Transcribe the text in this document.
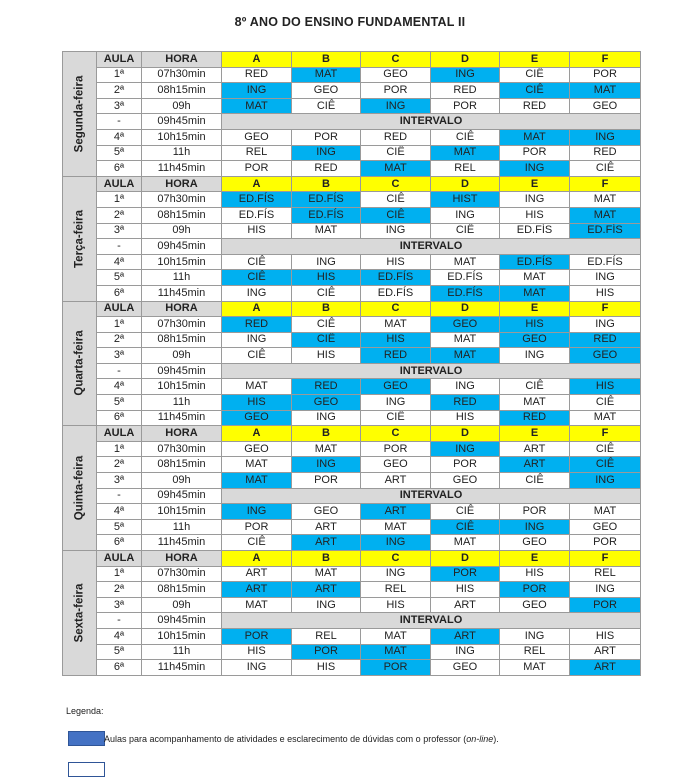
8º ANO DO ENSINO FUNDAMENTAL II
Segunda-feira	AULA	HORA	A	B	C	D	E	F
	1ª	07h30min	RED	MAT	GEO	ING	CIÊ	POR
	2ª	08h15min	ING	GEO	POR	RED	CIÊ	MAT
	3ª	09h	MAT	CIÊ	ING	POR	RED	GEO
	-	09h45min	INTERVALO					
	4ª	10h15min	GEO	POR	RED	CIÊ	MAT	ING
	5ª	11h	REL	ING	CIÊ	MAT	POR	RED
	6ª	11h45min	POR	RED	MAT	REL	ING	CIÊ

Terça-feira	AULA	HORA	A	B	C	D	E	F
	1ª	07h30min	ED.FÍS	ED.FÍS	CIÊ	HIST	ING	MAT
	2ª	08h15min	ED.FÍS	ED.FÍS	CIÊ	ING	HIS	MAT
	3ª	09h	HIS	MAT	ING	CIÊ	ED.FÍS	ED.FÍS
	-	09h45min	INTERVALO					
	4ª	10h15min	CIÊ	ING	HIS	MAT	ED.FÍS	ED.FÍS
	5ª	11h	CIÊ	HIS	ED.FÍS	ED.FÍS	MAT	ING
	6ª	11h45min	ING	CIÊ	ED.FÍS	ED.FÍS	MAT	HIS

Quarta-feira	AULA	HORA	A	B	C	D	E	F
	1ª	07h30min	RED	CIÊ	MAT	GEO	HIS	ING
	2ª	08h15min	ING	CIÊ	HIS	MAT	GEO	RED
	3ª	09h	CIÊ	HIS	RED	MAT	ING	GEO
	-	09h45min	INTERVALO					
	4ª	10h15min	MAT	RED	GEO	ING	CIÊ	HIS
	5ª	11h	HIS	GEO	ING	RED	MAT	CIÊ
	6ª	11h45min	GEO	ING	CIÊ	HIS	RED	MAT

Quinta-feira	AULA	HORA	A	B	C	D	E	F
	1ª	07h30min	GEO	MAT	POR	ING	ART	CIÊ
	2ª	08h15min	MAT	ING	GEO	POR	ART	CIÊ
	3ª	09h	MAT	POR	ART	GEO	CIÊ	ING
	-	09h45min	INTERVALO					
	4ª	10h15min	ING	GEO	ART	CIÊ	POR	MAT
	5ª	11h	POR	ART	MAT	CIÊ	ING	GEO
	6ª	11h45min	CIÊ	ART	ING	MAT	GEO	POR

Sexta-feira	AULA	HORA	A	B	C	D	E	F
	1ª	07h30min	ART	MAT	ING	POR	HIS	REL
	2ª	08h15min	ART	ART	REL	HIS	POR	ING
	3ª	09h	MAT	ING	HIS	ART	GEO	POR
	-	09h45min	INTERVALO					
	4ª	10h15min	POR	REL	MAT	ART	ING	HIS
	5ª	11h	HIS	POR	MAT	ING	REL	ART
	6ª	11h45min	ING	HIS	POR	GEO	MAT	ART
Legenda:
Aulas para acompanhamento de atividades e esclarecimento de dúvidas com o professor (on-line).
